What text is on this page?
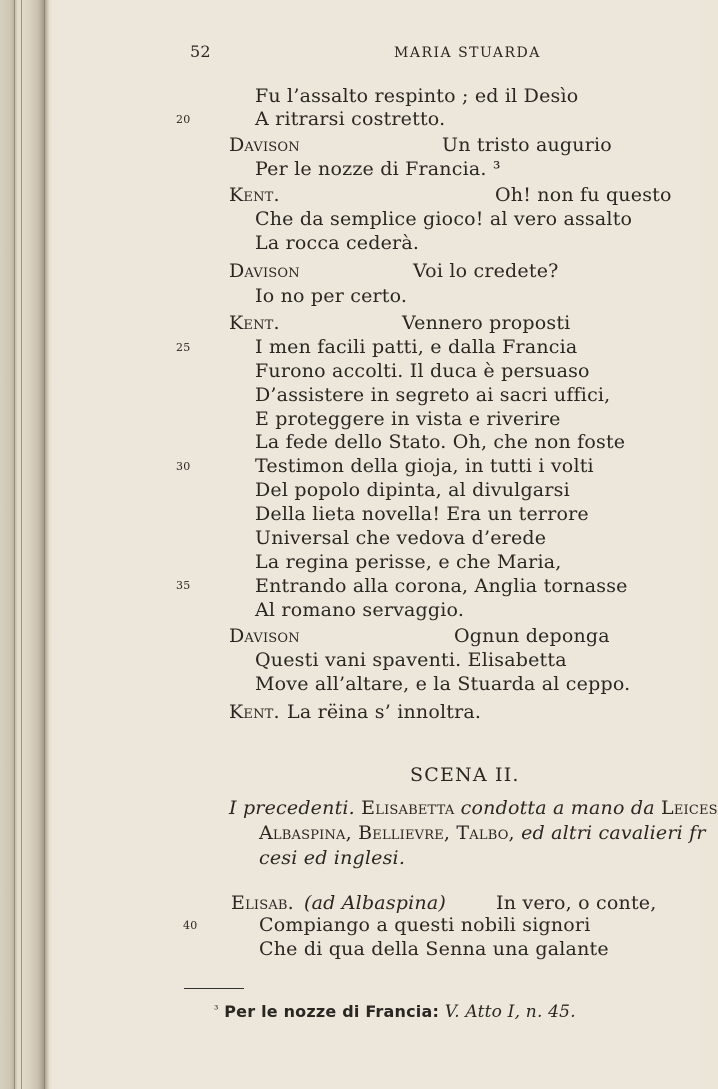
52	MARIA STUARDA
Fu l’assalto respinto ; ed il Desìo
20	A ritrarsi costretto.
Davison	Un tristo augurio
Per le nozze di Francia. ³
Kent.	Oh! non fu questo
Che da semplice gioco! al vero assalto
La rocca cederà.
Davison	Voi lo credete?
Io no per certo.
Kent.	Vennero proposti
25	I men facili patti, e dalla Francia
Furono accolti. Il duca è persuaso
D’assistere in segreto ai sacri uffici,
E proteggere in vista e riverire
La fede dello Stato. Oh, che non foste
30	Testimon della gioja, in tutti i volti
Del popolo dipinta, al divulgarsi
Della lieta novella! Era un terrore
Universal che vedova d’erede
La regina perisse, e che Maria,
35	Entrando alla corona, Anglia tornasse
Al romano servaggio.
Davison	Ognun deponga
Questi vani spaventi. Elisabetta
Move all’altare, e la Stuarda al ceppo.
Kent. La rëina s’ innoltra.
SCENA II.
I precedenti. Elisabetta condotta a mano da Leices
Albaspina, Bellievre, Talbo, ed altri cavalieri fr
cesi ed inglesi.
Elisab. (ad Albaspina)	In vero, o conte,
40	Compiango a questi nobili signori
Che di qua della Senna una galante
$^{^3}$ Per le nozze di Francia: V. Atto I, n. 45.
